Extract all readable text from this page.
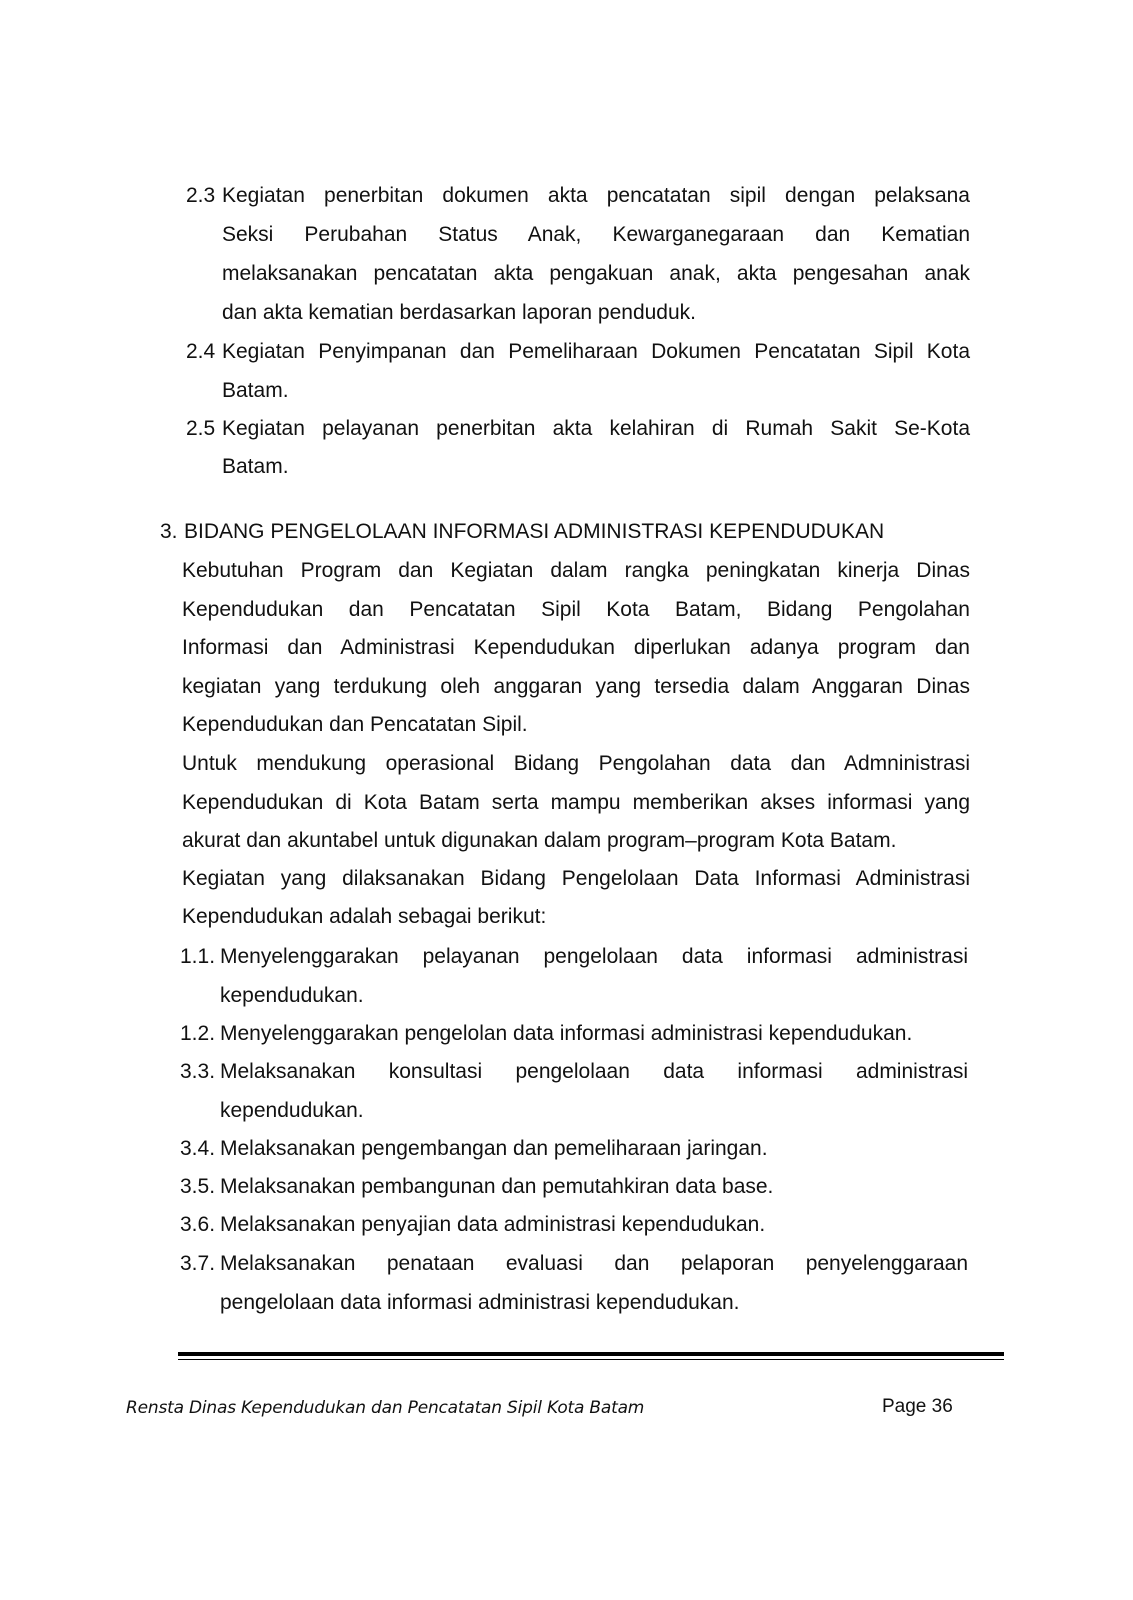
2.3 Kegiatan penerbitan dokumen akta pencatatan sipil dengan pelaksana
Seksi Perubahan Status Anak, Kewarganegaraan dan Kematian
melaksanakan pencatatan akta pengakuan anak, akta pengesahan anak
dan akta kematian berdasarkan laporan penduduk.
2.4 Kegiatan Penyimpanan dan Pemeliharaan Dokumen Pencatatan Sipil Kota
Batam.
2.5 Kegiatan pelayanan penerbitan akta kelahiran di Rumah Sakit Se-Kota
Batam.
3. BIDANG PENGELOLAAN INFORMASI ADMINISTRASI KEPENDUDUKAN
Kebutuhan Program dan Kegiatan dalam rangka peningkatan kinerja Dinas
Kependudukan dan Pencatatan Sipil Kota Batam, Bidang Pengolahan
Informasi dan Administrasi Kependudukan diperlukan adanya program dan
kegiatan yang terdukung oleh anggaran yang tersedia dalam Anggaran Dinas
Kependudukan dan Pencatatan Sipil.
Untuk mendukung operasional Bidang Pengolahan data dan Admninistrasi
Kependudukan di Kota Batam serta mampu memberikan akses informasi yang
akurat dan akuntabel untuk digunakan dalam program–program Kota Batam.
Kegiatan yang dilaksanakan Bidang Pengelolaan Data Informasi Administrasi
Kependudukan adalah sebagai berikut:
1.1. Menyelenggarakan pelayanan pengelolaan data informasi administrasi
kependudukan.
1.2. Menyelenggarakan pengelolan data informasi administrasi kependudukan.
3.3. Melaksanakan konsultasi pengelolaan data informasi administrasi
kependudukan.
3.4. Melaksanakan pengembangan dan pemeliharaan jaringan.
3.5. Melaksanakan pembangunan dan pemutahkiran data base.
3.6. Melaksanakan penyajian data administrasi kependudukan.
3.7. Melaksanakan penataan evaluasi dan pelaporan penyelenggaraan
pengelolaan data informasi administrasi kependudukan.
Rensta Dinas Kependudukan dan Pencatatan Sipil Kota Batam	Page 36
